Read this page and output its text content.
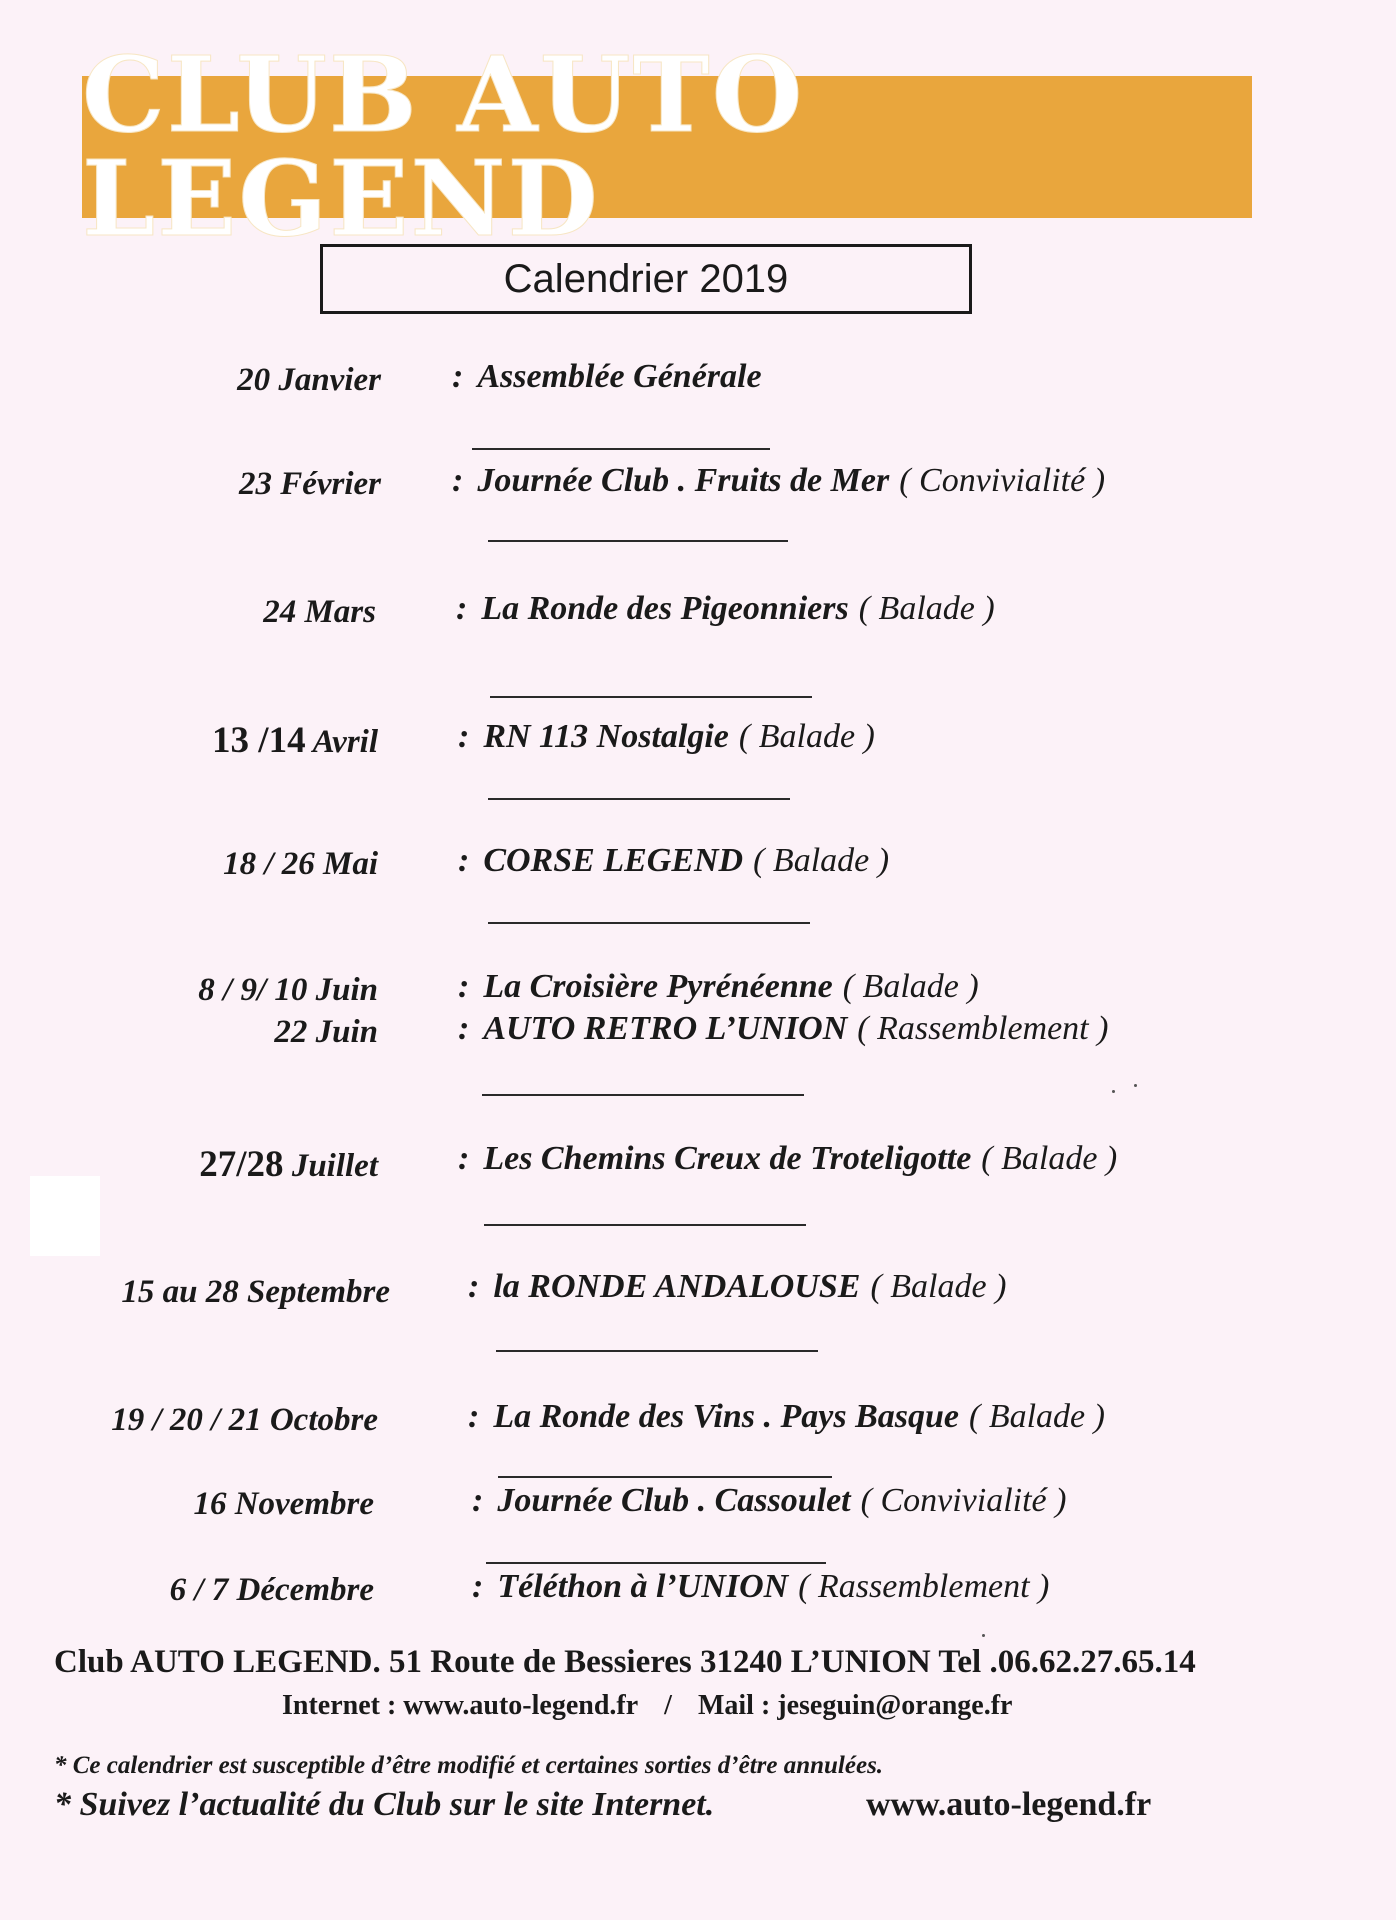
CLUB AUTO LEGEND
Calendrier 2019
20 Janvier : Assemblée Générale
23 Février : Journée Club . Fruits de Mer ( Convivialité )
24 Mars : La Ronde des Pigeonniers ( Balade )
13 /14 Avril : RN 113 Nostalgie ( Balade )
18 / 26 Mai : CORSE LEGEND ( Balade )
8 / 9/ 10 Juin : La Croisière Pyrénéenne ( Balade )
22 Juin : AUTO RETRO L’UNION ( Rassemblement )
27/28 Juillet : Les Chemins Creux de Troteligotte ( Balade )
15 au 28 Septembre : la RONDE ANDALOUSE ( Balade )
19 / 20 / 21 Octobre	: La Ronde des Vins . Pays Basque ( Balade )
16 Novembre	: Journée Club . Cassoulet ( Convivialité )
6 / 7 Décembre	: Téléthon à l’UNION ( Rassemblement )
Club AUTO LEGEND. 51 Route de Bessieres 31240 L’UNION Tel .06.62.27.65.14
Internet : www.auto-legend.fr / Mail : jeseguin@orange.fr
* Ce calendrier est susceptible d’être modifié et certaines sorties d’être annulées.
* Suivez l’actualité du Club sur le site Internet.	www.auto-legend.fr
